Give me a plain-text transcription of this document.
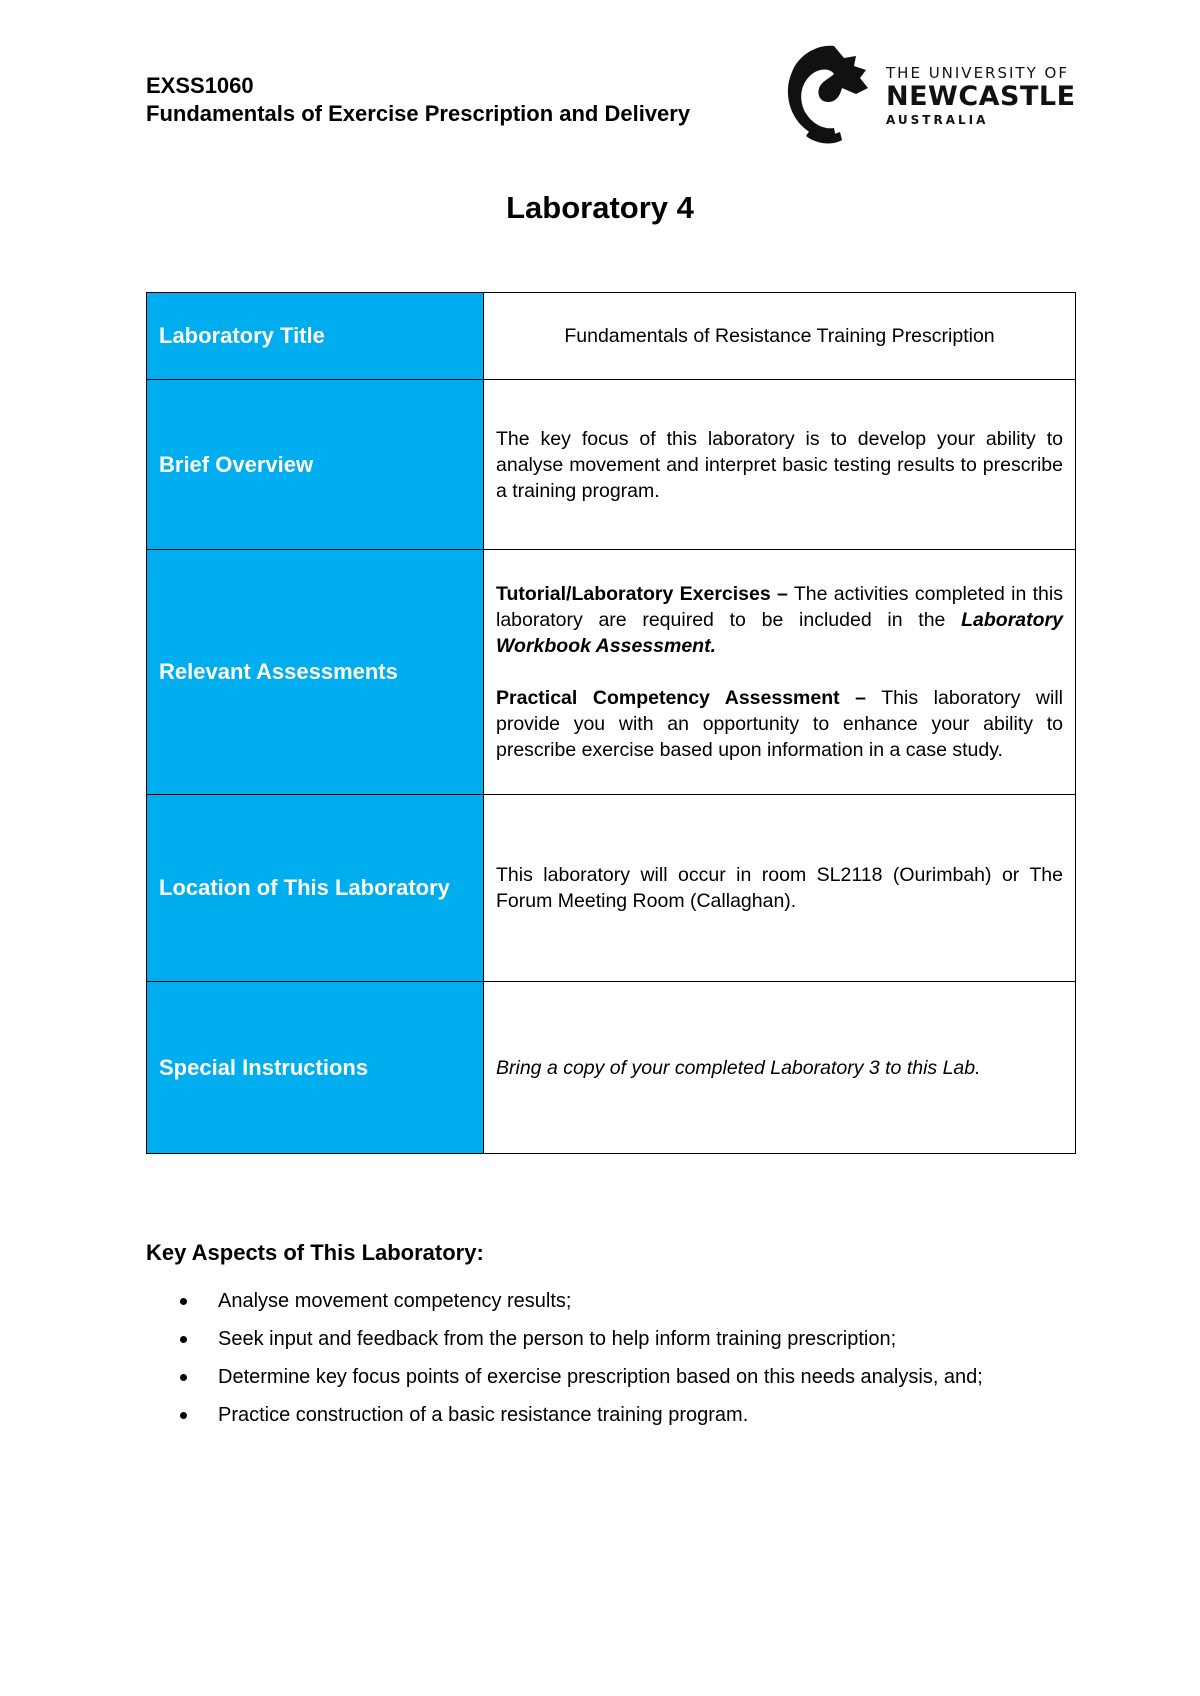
EXSS1060
Fundamentals of Exercise Prescription and Delivery
THE UNIVERSITY OF
NEWCASTLE
AUSTRALIA
Laboratory 4
Laboratory Title	Fundamentals of Resistance Training Prescription
Brief Overview	The key focus of this laboratory is to develop your ability to analyse movement and interpret basic testing results to prescribe a training program.
Relevant Assessments	Tutorial/Laboratory Exercises – The activities completed in this laboratory are required to be included in the Laboratory Workbook Assessment.
Practical Competency Assessment – This laboratory will provide you with an opportunity to enhance your ability to prescribe exercise based upon information in a case study.

Location of This Laboratory	This laboratory will occur in room SL2118 (Ourimbah) or The Forum Meeting Room (Callaghan).
Special Instructions	Bring a copy of your completed Laboratory 3 to this Lab.
Key Aspects of This Laboratory:
Analyse movement competency results;
Seek input and feedback from the person to help inform training prescription;
Determine key focus points of exercise prescription based on this needs analysis, and;
Practice construction of a basic resistance training program.
